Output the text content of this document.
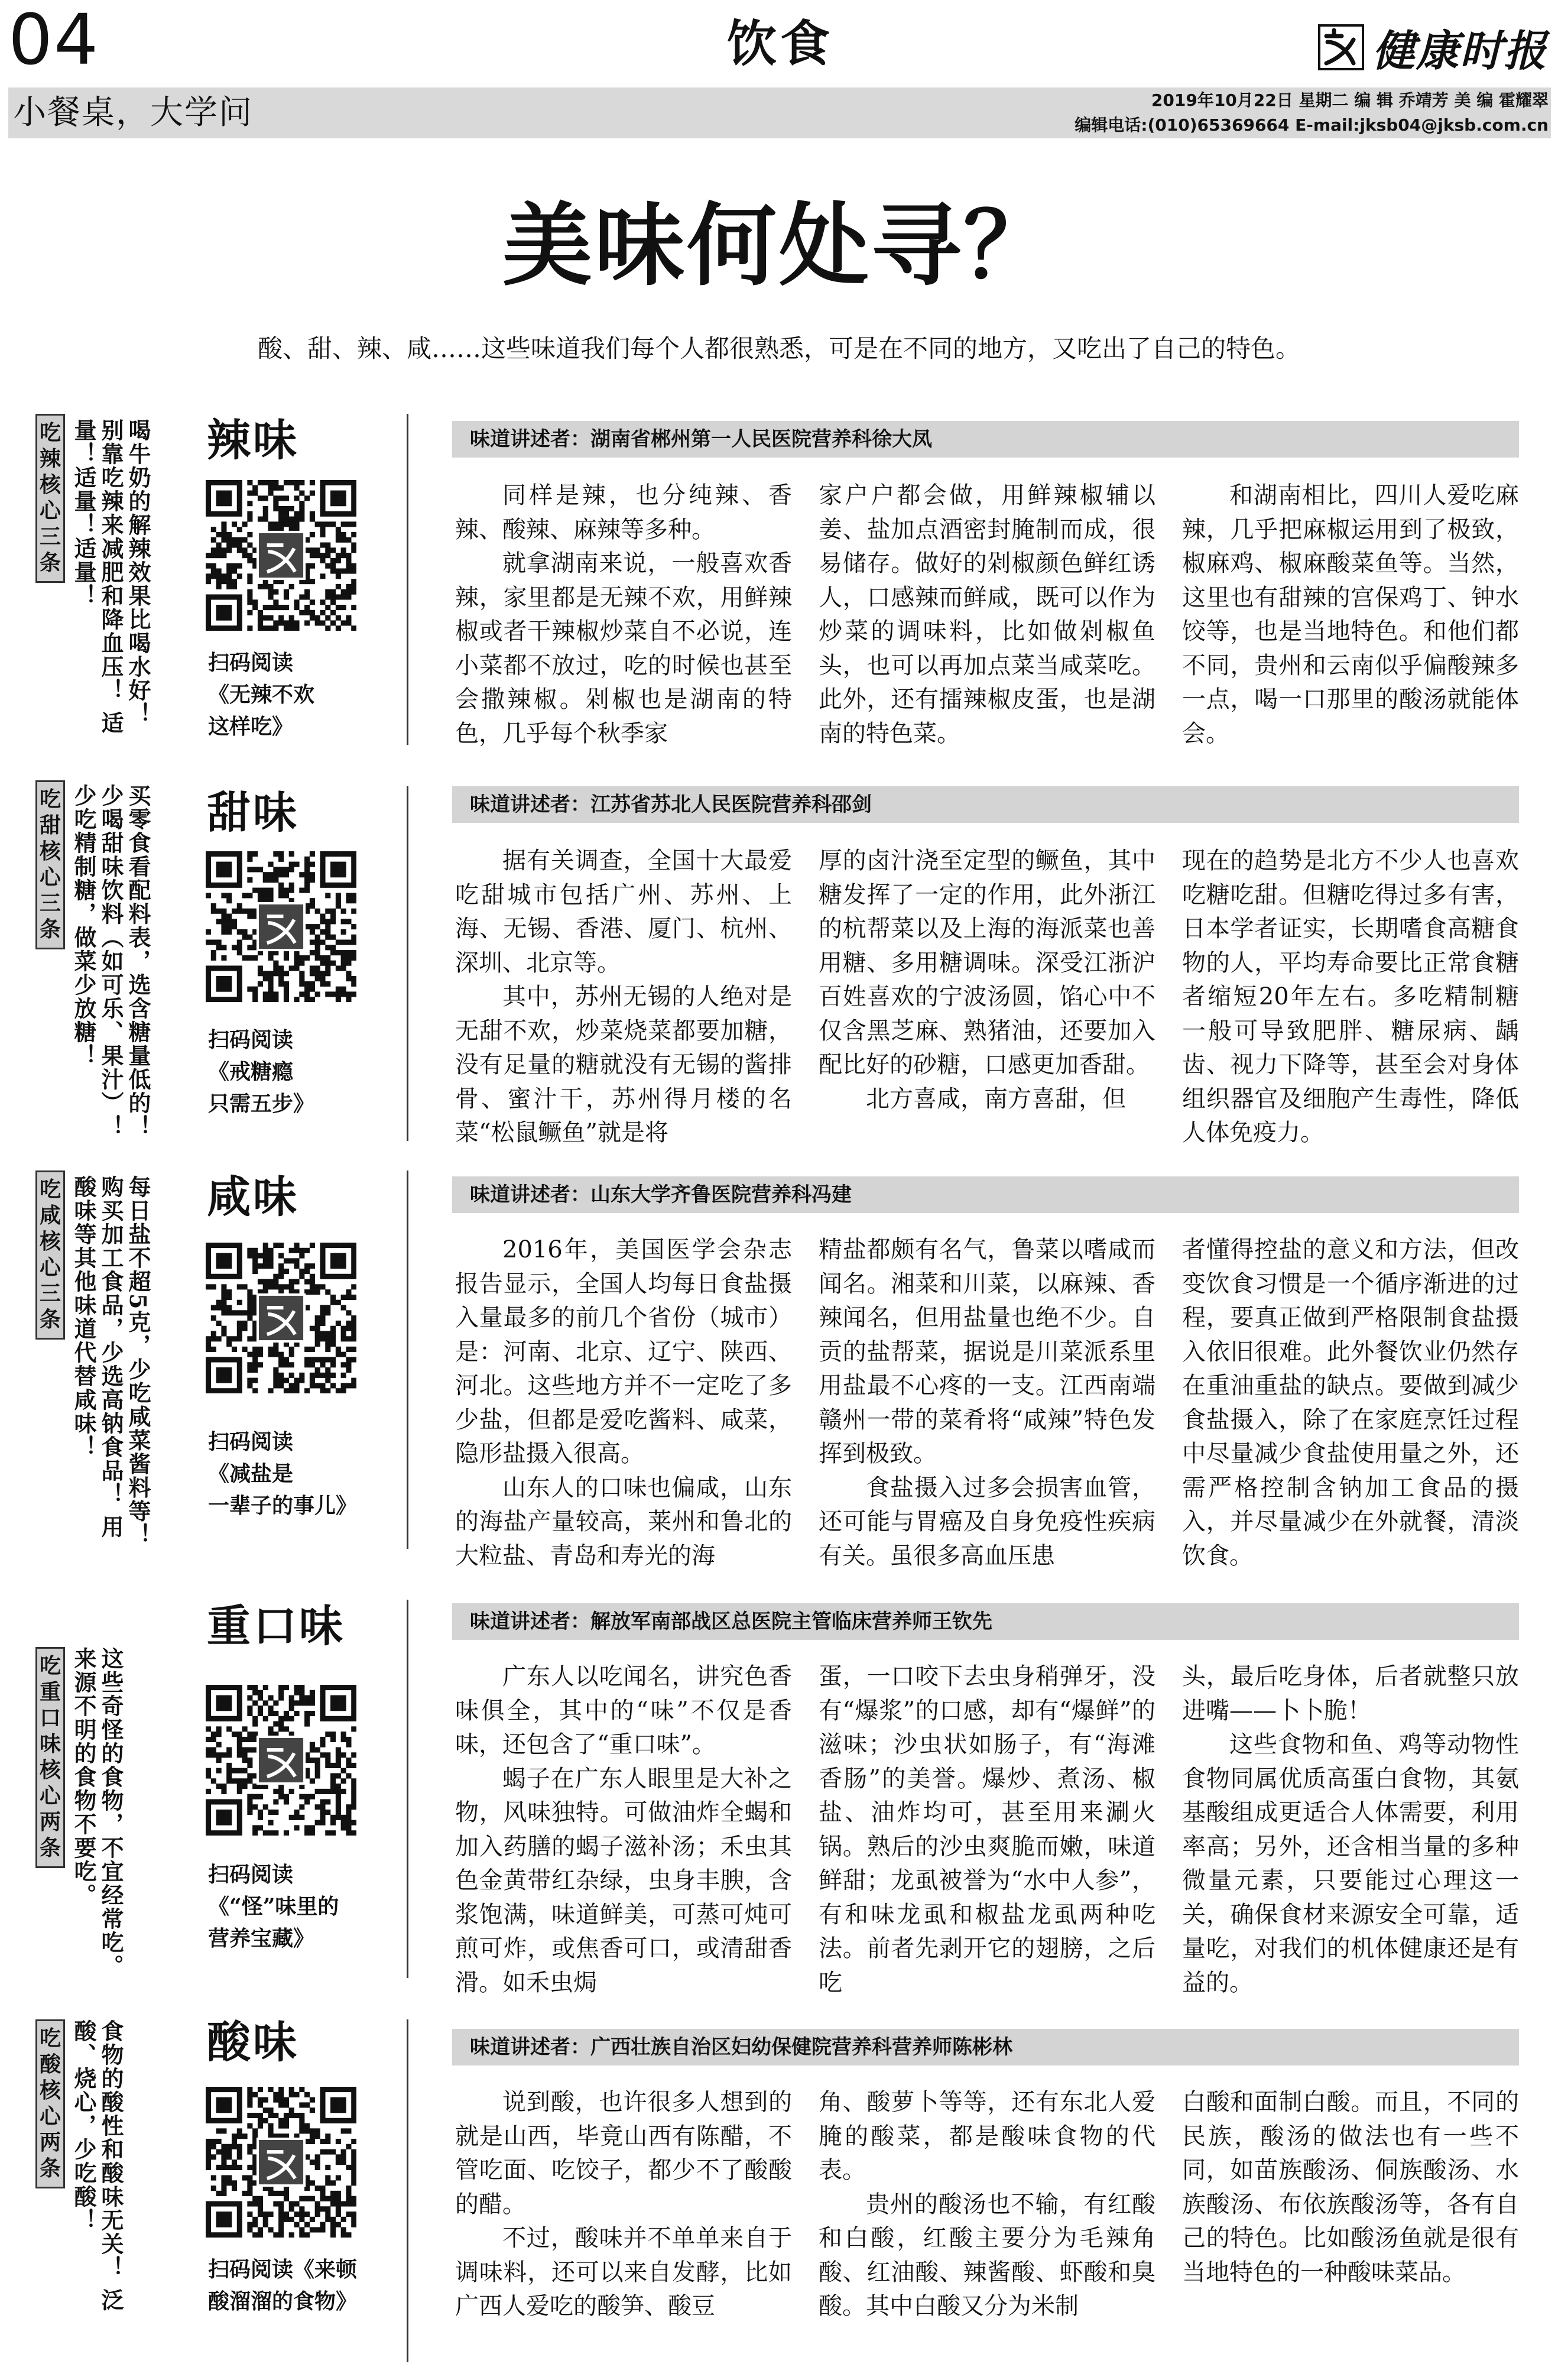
04	饮食	健康时报
小餐桌，大学问	2019年10月22日 星期二 编 辑 乔靖芳 美 编 霍耀翠
编辑电话:(010)65369664 E-mail:jksb04@jksb.com.cn
美味何处寻？
酸、甜、辣、咸……这些味道我们每个人都很熟悉，可是在不同的地方，又吃出了自己的特色。
吃辣核心三条	喝牛奶的解辣效果比喝水好！ 别靠吃辣来减肥和降血压！ 适量！适量！适量！	辣味
扫码阅读
《无辣不欢
这样吃》
味道讲述者：湖南省郴州第一人民医院营养科徐大凤

同样是辣，也分纯辣、香辣、酸辣、麻辣等多种。

就拿湖南来说，一般喜欢香辣，家里都是无辣不欢，用鲜辣椒或者干辣椒炒菜自不必说，连小菜都不放过，吃的时候也甚至会撒辣椒。剁椒也是湖南的特色，几乎每个秋季家

家户户都会做，用鲜辣椒辅以姜、盐加点酒密封腌制而成，很易储存。做好的剁椒颜色鲜红诱人，口感辣而鲜咸，既可以作为炒菜的调味料，比如做剁椒鱼头，也可以再加点菜当咸菜吃。此外，还有擂辣椒皮蛋，也是湖南的特色菜。

和湖南相比，四川人爱吃麻辣，几乎把麻椒运用到了极致，椒麻鸡、椒麻酸菜鱼等。当然，这里也有甜辣的宫保鸡丁、钟水饺等，也是当地特色。和他们都不同，贵州和云南似乎偏酸辣多一点，喝一口那里的酸汤就能体会。

吃甜核心三条	买零食看配料表，选含糖量低的！ 少喝甜味饮料（如可乐、果汁）！ 少吃精制糖，做菜少放糖！	甜味
扫码阅读
《戒糖瘾
只需五步》
味道讲述者：江苏省苏北人民医院营养科邵剑

据有关调查，全国十大最爱吃甜城市包括广州、苏州、上海、无锡、香港、厦门、杭州、深圳、北京等。

其中，苏州无锡的人绝对是无甜不欢，炒菜烧菜都要加糖，没有足量的糖就没有无锡的酱排骨、蜜汁干，苏州得月楼的名菜“松鼠鳜鱼”就是将

厚的卤汁浇至定型的鳜鱼，其中糖发挥了一定的作用，此外浙江的杭帮菜以及上海的海派菜也善用糖、多用糖调味。深受江浙沪百姓喜欢的宁波汤圆，馅心中不仅含黑芝麻、熟猪油，还要加入配比好的砂糖，口感更加香甜。

北方喜咸，南方喜甜，但

现在的趋势是北方不少人也喜欢吃糖吃甜。但糖吃得过多有害，日本学者证实，长期嗜食高糖食物的人，平均寿命要比正常食糖者缩短20年左右。多吃精制糖一般可导致肥胖、糖尿病、龋齿、视力下降等，甚至会对身体组织器官及细胞产生毒性，降低人体免疫力。

吃咸核心三条	每日盐不超5克，少吃咸菜酱料等！ 购买加工食品，少选高钠食品！ 用酸味等其他味道代替咸味！	咸味
扫码阅读
《减盐是
一辈子的事儿》
味道讲述者：山东大学齐鲁医院营养科冯建

2016年，美国医学会杂志报告显示，全国人均每日食盐摄入量最多的前几个省份（城市）是：河南、北京、辽宁、陕西、河北。这些地方并不一定吃了多少盐，但都是爱吃酱料、咸菜，隐形盐摄入很高。

山东人的口味也偏咸，山东的海盐产量较高，莱州和鲁北的大粒盐、青岛和寿光的海

精盐都颇有名气，鲁菜以嗜咸而闻名。湘菜和川菜，以麻辣、香辣闻名，但用盐量也绝不少。自贡的盐帮菜，据说是川菜派系里用盐最不心疼的一支。江西南端赣州一带的菜肴将“咸辣”特色发挥到极致。

食盐摄入过多会损害血管，还可能与胃癌及自身免疫性疾病有关。虽很多高血压患

者懂得控盐的意义和方法，但改变饮食习惯是一个循序渐进的过程，要真正做到严格限制食盐摄入依旧很难。此外餐饮业仍然存在重油重盐的缺点。要做到减少食盐摄入，除了在家庭烹饪过程中尽量减少食盐使用量之外，还需严格控制含钠加工食品的摄入，并尽量减少在外就餐，清淡饮食。

吃重口味核心两条	这些奇怪的食物，不宜经常吃。 来源不明的食物不要吃。
重口味
扫码阅读
《“怪”味里的
营养宝藏》
味道讲述者：解放军南部战区总医院主管临床营养师王钦先

广东人以吃闻名，讲究色香味俱全，其中的“味”不仅是香味，还包含了“重口味”。

蝎子在广东人眼里是大补之物，风味独特。可做油炸全蝎和加入药膳的蝎子滋补汤；禾虫其色金黄带红杂绿，虫身丰腴，含浆饱满，味道鲜美，可蒸可炖可煎可炸，或焦香可口，或清甜香滑。如禾虫焗

蛋，一口咬下去虫身稍弹牙，没有“爆浆”的口感，却有“爆鲜”的滋味；沙虫状如肠子，有“海滩香肠”的美誉。爆炒、煮汤、椒盐、油炸均可，甚至用来涮火锅。熟后的沙虫爽脆而嫩，味道鲜甜；龙虱被誉为“水中人参”，有和味龙虱和椒盐龙虱两种吃法。前者先剥开它的翅膀，之后吃

头，最后吃身体，后者就整只放进嘴——卜卜脆！

这些食物和鱼、鸡等动物性食物同属优质高蛋白食物，其氨基酸组成更适合人体需要，利用率高；另外，还含相当量的多种微量元素，只要能过心理这一关，确保食材来源安全可靠，适量吃，对我们的机体健康还是有益的。

吃酸核心两条	食物的酸性和酸味无关！ 泛酸、烧心，少吃酸！	酸味
扫码阅读《来顿
酸溜溜的食物》
味道讲述者：广西壮族自治区妇幼保健院营养科营养师陈彬林

说到酸，也许很多人想到的就是山西，毕竟山西有陈醋，不管吃面、吃饺子，都少不了酸酸的醋。

不过，酸味并不单单来自于调味料，还可以来自发酵，比如广西人爱吃的酸笋、酸豆

角、酸萝卜等等，还有东北人爱腌的酸菜，都是酸味食物的代表。

贵州的酸汤也不输，有红酸和白酸，红酸主要分为毛辣角酸、红油酸、辣酱酸、虾酸和臭酸。其中白酸又分为米制

白酸和面制白酸。而且，不同的民族，酸汤的做法也有一些不同，如苗族酸汤、侗族酸汤、水族酸汤、布依族酸汤等，各有自己的特色。比如酸汤鱼就是很有当地特色的一种酸味菜品。
